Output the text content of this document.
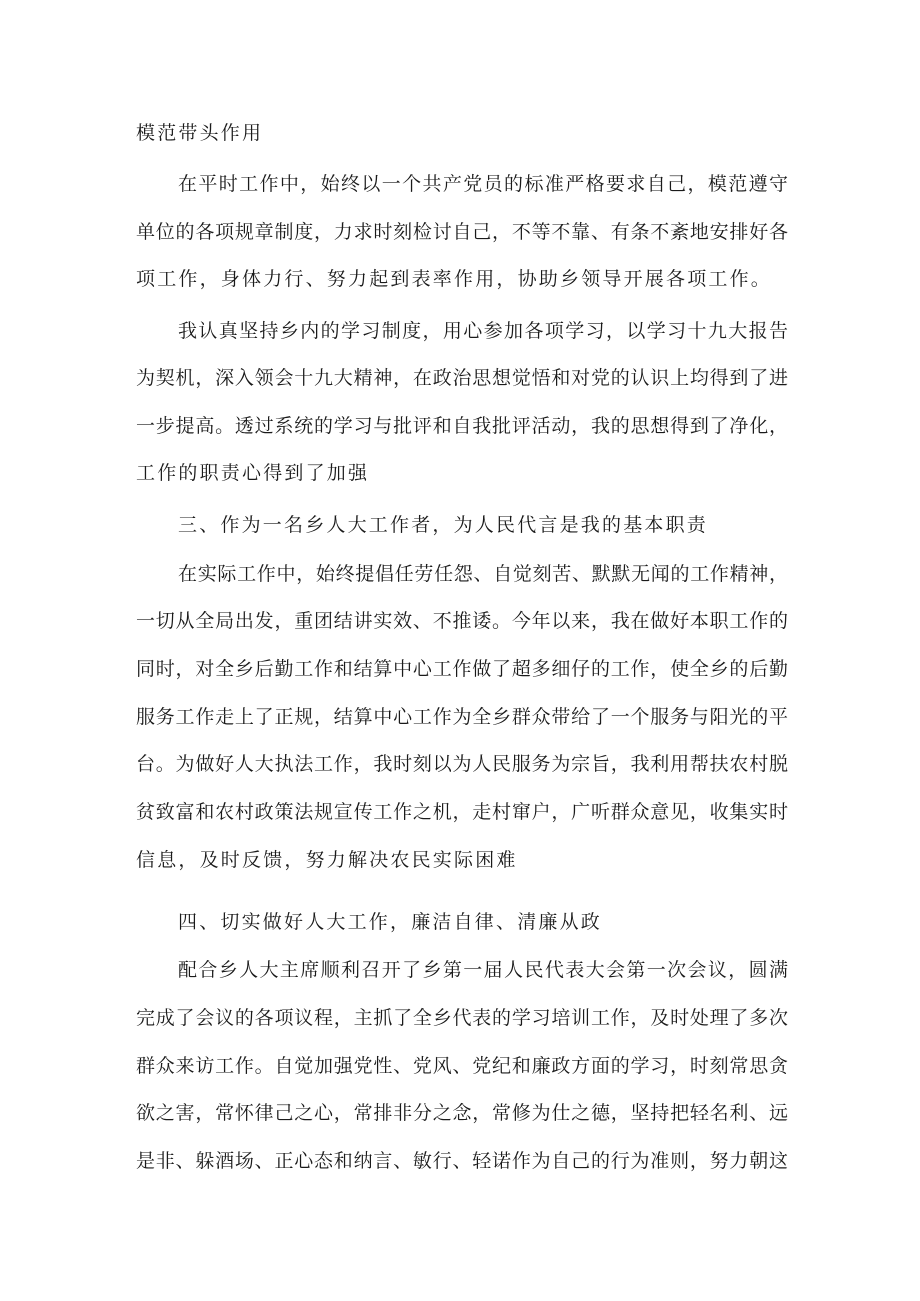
模范带头作用
在平时工作中，始终以一个共产党员的标准严格要求自己，模范遵守
单位的各项规章制度，力求时刻检讨自己，不等不靠、有条不紊地安排好各
项工作，身体力行、努力起到表率作用，协助乡领导开展各项工作。
我认真坚持乡内的学习制度，用心参加各项学习，以学习十九大报告
为契机，深入领会十九大精神，在政治思想觉悟和对党的认识上均得到了进
一步提高。透过系统的学习与批评和自我批评活动，我的思想得到了净化，
工作的职责心得到了加强
三、作为一名乡人大工作者，为人民代言是我的基本职责
在实际工作中，始终提倡任劳任怨、自觉刻苦、默默无闻的工作精神，
一切从全局出发，重团结讲实效、不推诿。今年以来，我在做好本职工作的
同时，对全乡后勤工作和结算中心工作做了超多细仔的工作，使全乡的后勤
服务工作走上了正规，结算中心工作为全乡群众带给了一个服务与阳光的平
台。为做好人大执法工作，我时刻以为人民服务为宗旨，我利用帮扶农村脱
贫致富和农村政策法规宣传工作之机，走村窜户，广听群众意见，收集实时
信息，及时反馈，努力解决农民实际困难
四、切实做好人大工作，廉洁自律、清廉从政
配合乡人大主席顺利召开了乡第一届人民代表大会第一次会议，圆满
完成了会议的各项议程，主抓了全乡代表的学习培训工作，及时处理了多次
群众来访工作。自觉加强党性、党风、党纪和廉政方面的学习，时刻常思贪
欲之害，常怀律己之心，常排非分之念，常修为仕之德，坚持把轻名利、远
是非、躲酒场、正心态和纳言、敏行、轻诺作为自己的行为准则，努力朝这
